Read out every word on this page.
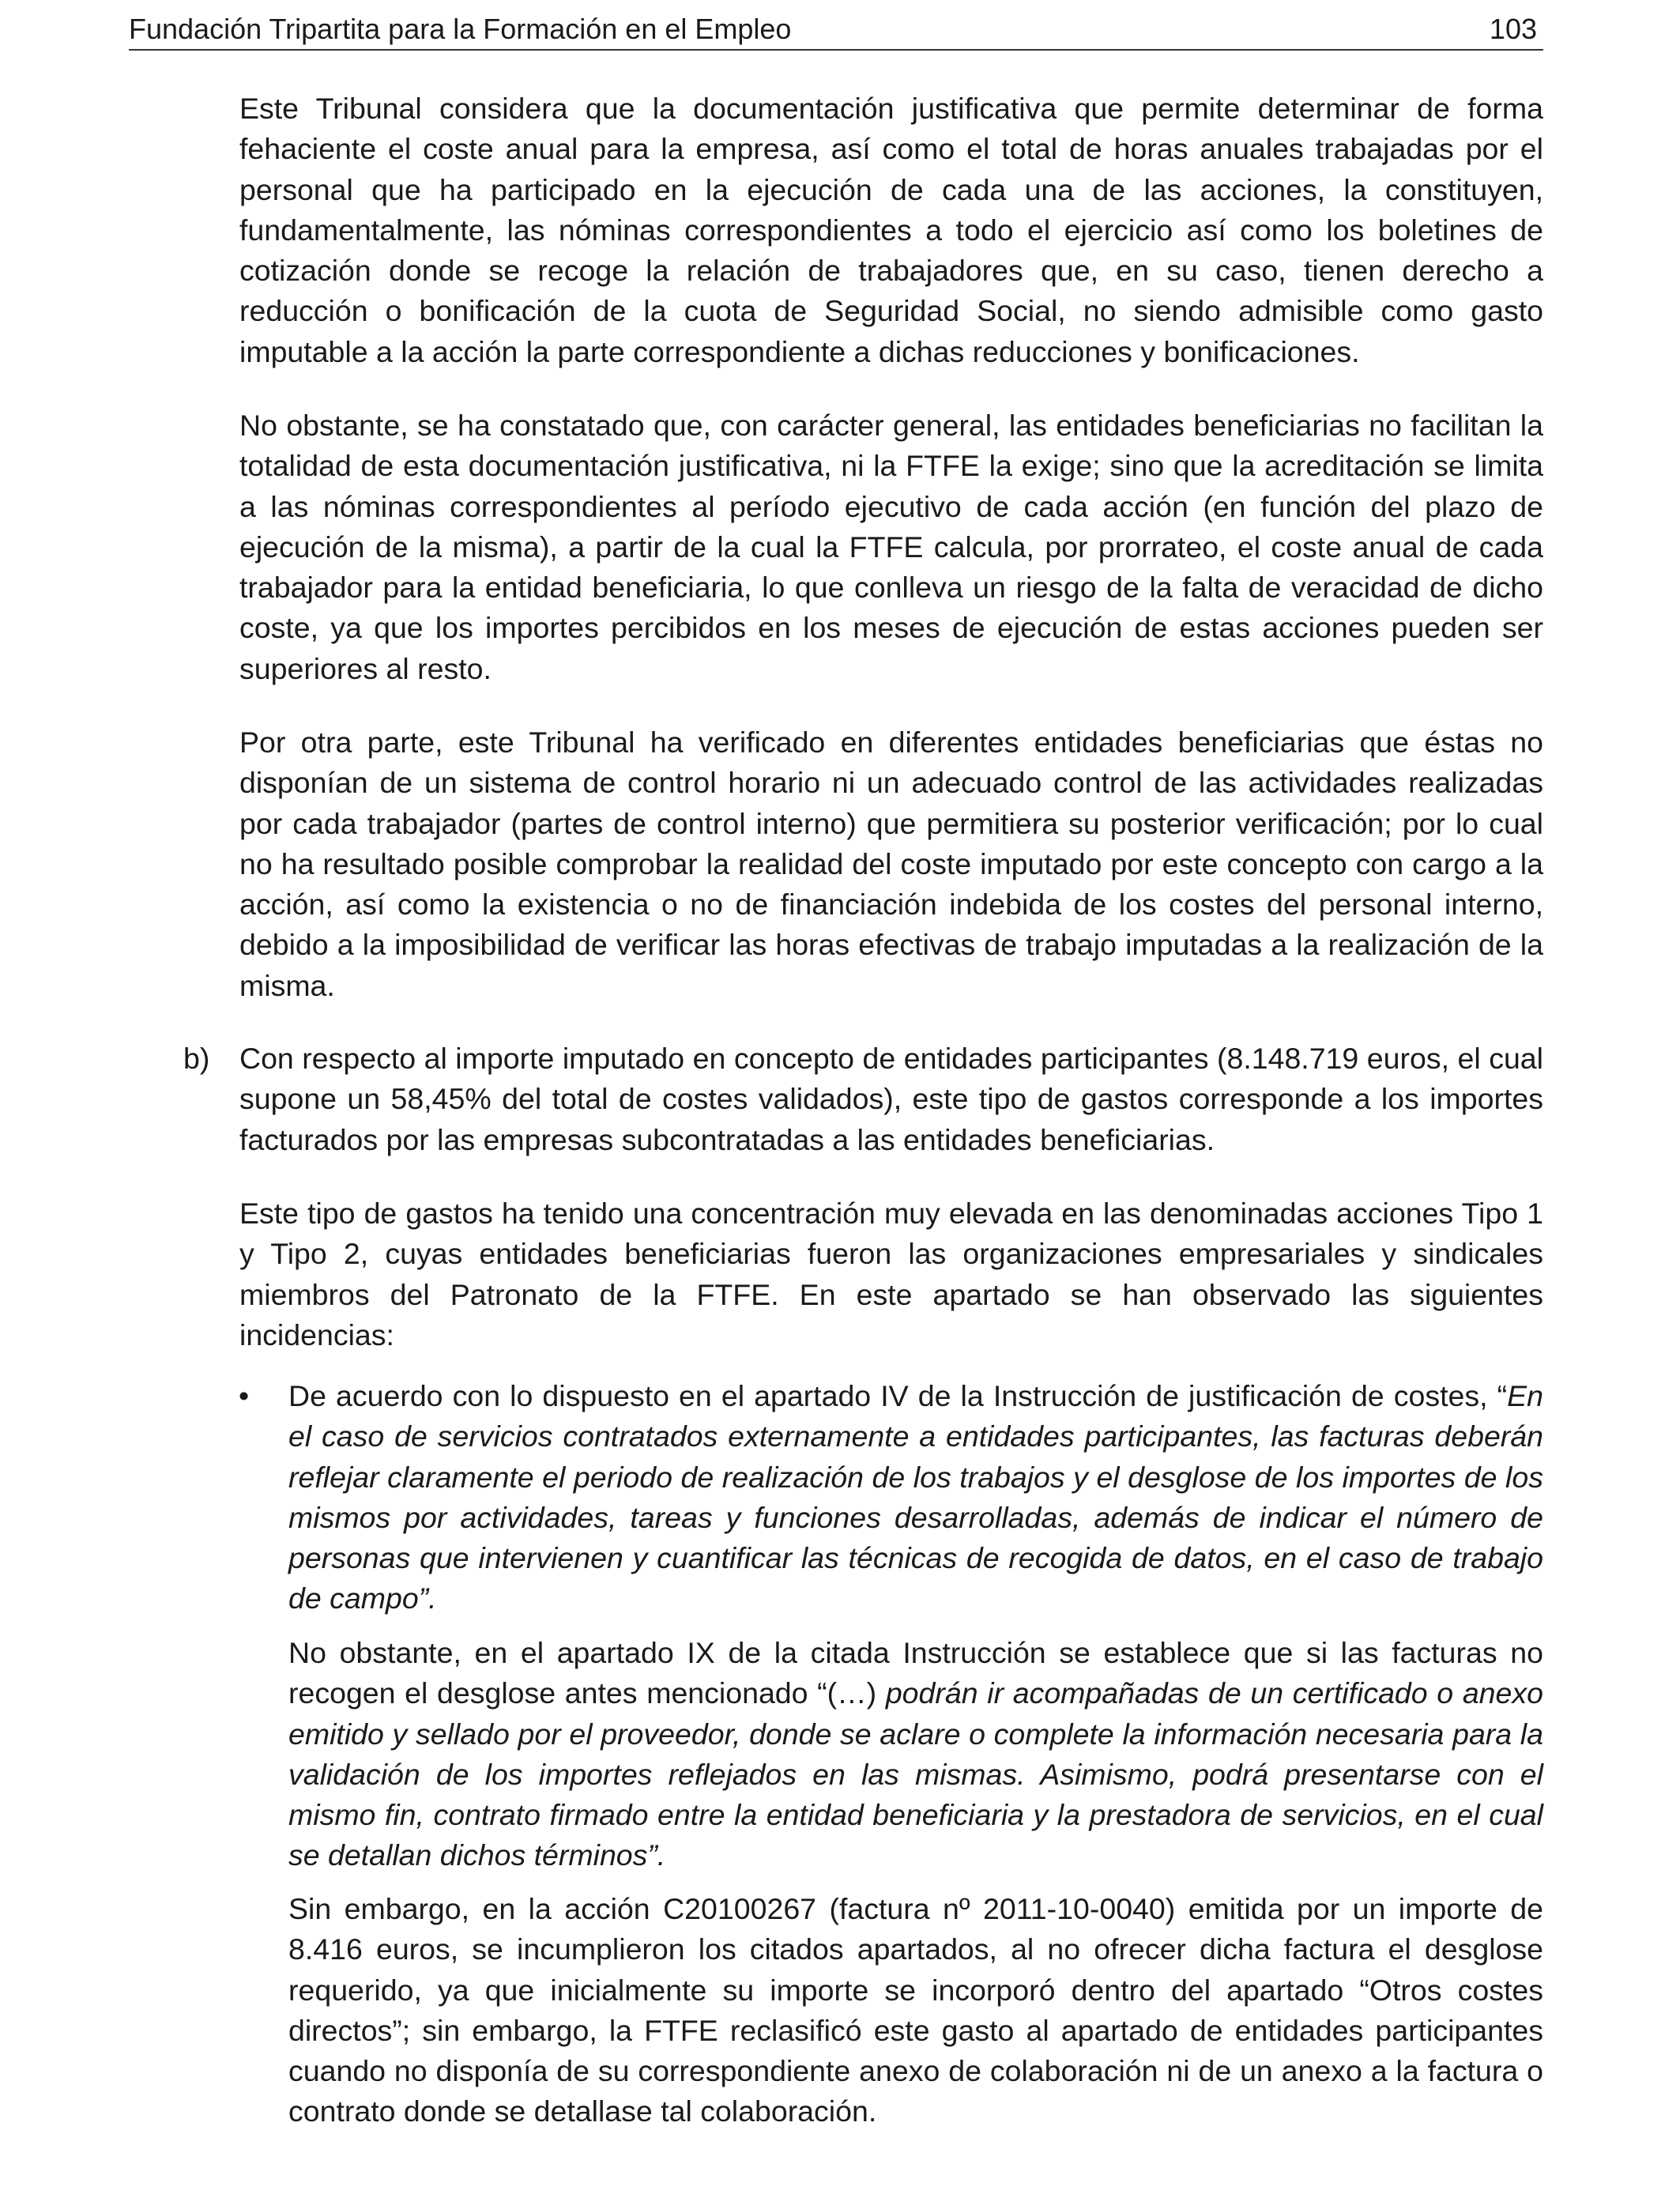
Fundación Tripartita para la Formación en el Empleo	103

Este Tribunal considera que la documentación justificativa que permite determinar de forma fehaciente el coste anual para la empresa, así como el total de horas anuales trabajadas por el personal que ha participado en la ejecución de cada una de las acciones, la constituyen, fundamentalmente, las nóminas correspondientes a todo el ejercicio así como los boletines de cotización donde se recoge la relación de trabajadores que, en su caso, tienen derecho a reducción o bonificación de la cuota de Seguridad Social, no siendo admisible como gasto imputable a la acción la parte correspondiente a dichas reducciones y bonificaciones.

No obstante, se ha constatado que, con carácter general, las entidades beneficiarias no facilitan la totalidad de esta documentación justificativa, ni la FTFE la exige; sino que la acreditación se limita a las nóminas correspondientes al período ejecutivo de cada acción (en función del plazo de ejecución de la misma), a partir de la cual la FTFE calcula, por prorrateo, el coste anual de cada trabajador para la entidad beneficiaria, lo que conlleva un riesgo de la falta de veracidad de dicho coste, ya que los importes percibidos en los meses de ejecución de estas acciones pueden ser superiores al resto.

Por otra parte, este Tribunal ha verificado en diferentes entidades beneficiarias que éstas no disponían de un sistema de control horario ni un adecuado control de las actividades realizadas por cada trabajador (partes de control interno) que permitiera su posterior verificación; por lo cual no ha resultado posible comprobar la realidad del coste imputado por este concepto con cargo a la acción, así como la existencia o no de financiación indebida de los costes del personal interno, debido a la imposibilidad de verificar las horas efectivas de trabajo imputadas a la realización de la misma.

b) Con respecto al importe imputado en concepto de entidades participantes (8.148.719 euros, el cual supone un 58,45% del total de costes validados), este tipo de gastos corresponde a los importes facturados por las empresas subcontratadas a las entidades beneficiarias.

Este tipo de gastos ha tenido una concentración muy elevada en las denominadas acciones Tipo 1 y Tipo 2, cuyas entidades beneficiarias fueron las organizaciones empresariales y sindicales miembros del Patronato de la FTFE. En este apartado se han observado las siguientes incidencias:

• De acuerdo con lo dispuesto en el apartado IV de la Instrucción de justificación de costes, “En el caso de servicios contratados externamente a entidades participantes, las facturas deberán reflejar claramente el periodo de realización de los trabajos y el desglose de los importes de los mismos por actividades, tareas y funciones desarrolladas, además de indicar el número de personas que intervienen y cuantificar las técnicas de recogida de datos, en el caso de trabajo de campo”.

No obstante, en el apartado IX de la citada Instrucción se establece que si las facturas no recogen el desglose antes mencionado “(…) podrán ir acompañadas de un certificado o anexo emitido y sellado por el proveedor, donde se aclare o complete la información necesaria para la validación de los importes reflejados en las mismas. Asimismo, podrá presentarse con el mismo fin, contrato firmado entre la entidad beneficiaria y la prestadora de servicios, en el cual se detallan dichos términos”.

Sin embargo, en la acción C20100267 (factura nº 2011-10-0040) emitida por un importe de 8.416 euros, se incumplieron los citados apartados, al no ofrecer dicha factura el desglose requerido, ya que inicialmente su importe se incorporó dentro del apartado “Otros costes directos”; sin embargo, la FTFE reclasificó este gasto al apartado de entidades participantes cuando no disponía de su correspondiente anexo de colaboración ni de un anexo a la factura o contrato donde se detallase tal colaboración.
